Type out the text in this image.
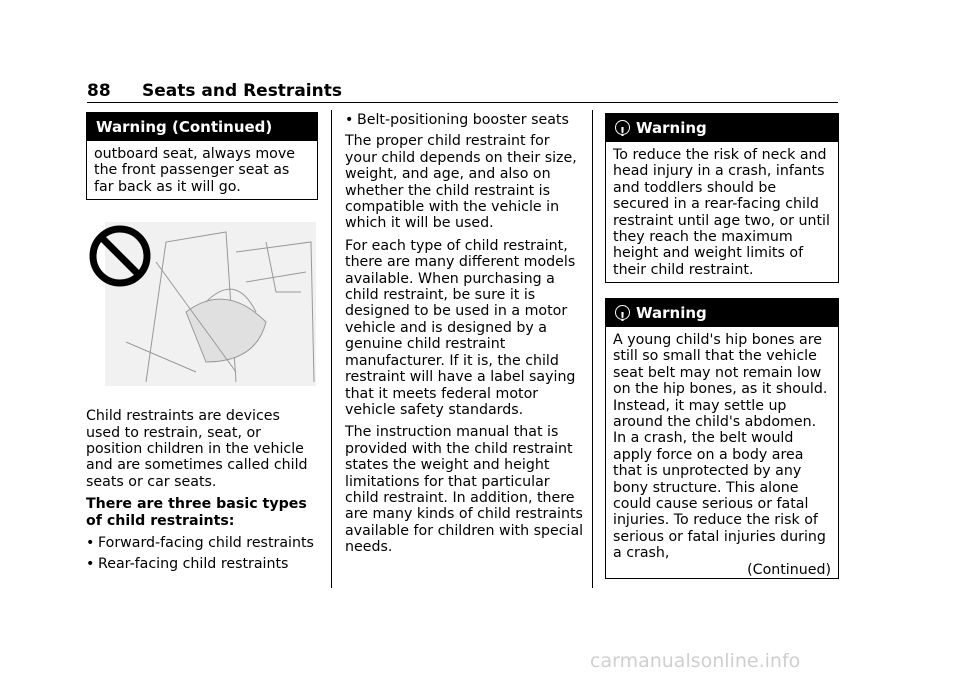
88 Seats and Restraints
Warning (Continued)
outboard seat, always move the front passenger seat as far back as it will go.

Child restraints are devices used to restrain, seat, or position children in the vehicle and are sometimes called child seats or car seats.

There are three basic types of child restraints:

• Forward-facing child restraints
• Rear-facing child restraints
• Belt-positioning booster seats

The proper child restraint for your child depends on their size, weight, and age, and also on whether the child restraint is compatible with the vehicle in which it will be used.

For each type of child restraint, there are many different models available. When purchasing a child restraint, be sure it is designed to be used in a motor vehicle and is designed by a genuine child restraint manufacturer. If it is, the child restraint will have a label saying that it meets federal motor vehicle safety standards.

The instruction manual that is provided with the child restraint states the weight and height limitations for that particular child restraint. In addition, there are many kinds of child restraints available for children with special needs.

!Warning
To reduce the risk of neck and head injury in a crash, infants and toddlers should be secured in a rear-facing child restraint until age two, or until they reach the maximum height and weight limits of their child restraint.
!Warning
A young child's hip bones are still so small that the vehicle seat belt may not remain low on the hip bones, as it should. Instead, it may settle up around the child's abdomen. In a crash, the belt would apply force on a body area that is unprotected by any bony structure. This alone could cause serious or fatal injuries. To reduce the risk of serious or fatal injuries during a crash,
(Continued)
carmanualsonline.info
